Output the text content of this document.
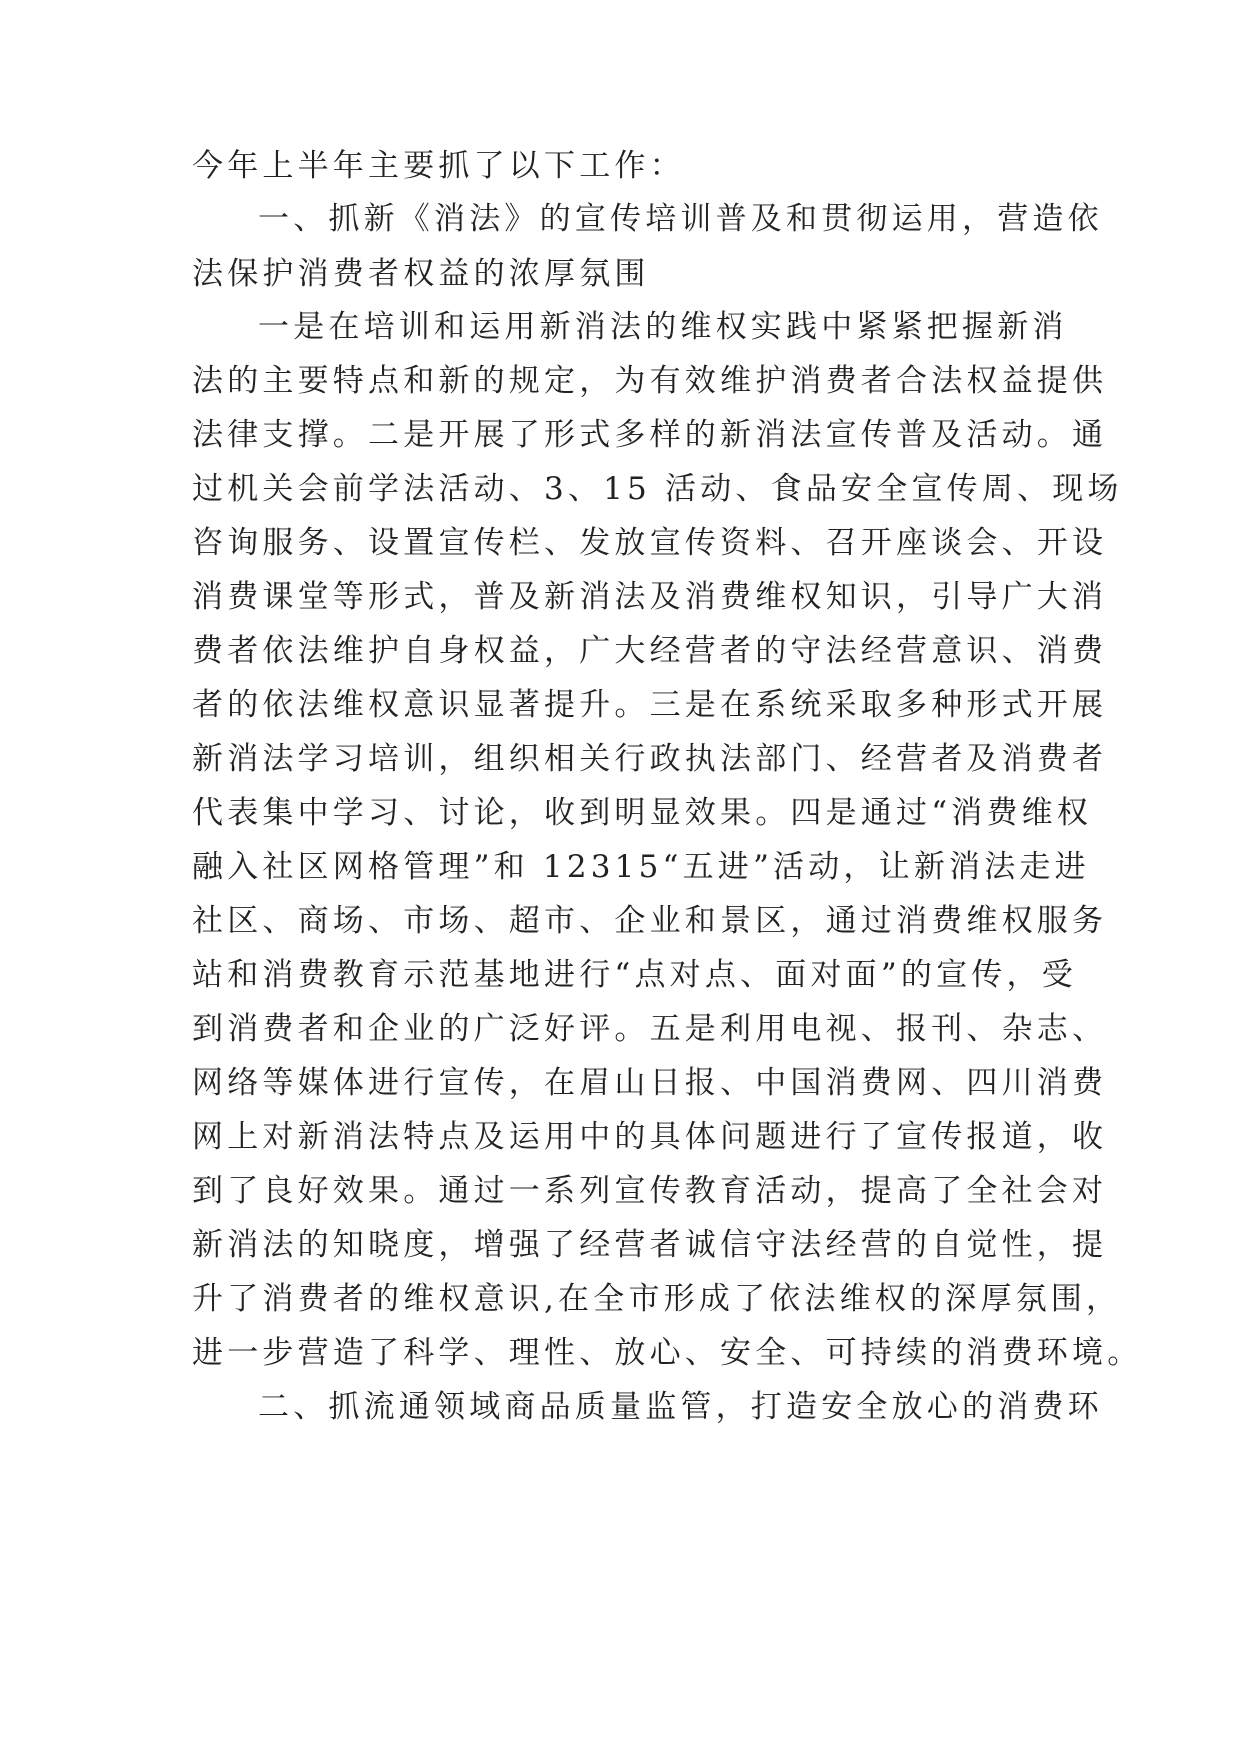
今年上半年主要抓了以下工作：
一、抓新《消法》的宣传培训普及和贯彻运用，营造依
法保护消费者权益的浓厚氛围
一是在培训和运用新消法的维权实践中紧紧把握新消
法的主要特点和新的规定，为有效维护消费者合法权益提供
法律支撑。二是开展了形式多样的新消法宣传普及活动。通
过机关会前学法活动、3、15 活动、食品安全宣传周、现场
咨询服务、设置宣传栏、发放宣传资料、召开座谈会、开设
消费课堂等形式，普及新消法及消费维权知识，引导广大消
费者依法维护自身权益，广大经营者的守法经营意识、消费
者的依法维权意识显著提升。三是在系统采取多种形式开展
新消法学习培训，组织相关行政执法部门、经营者及消费者
代表集中学习、讨论，收到明显效果。四是通过“消费维权
融入社区网格管理”和 12315“五进”活动，让新消法走进
社区、商场、市场、超市、企业和景区，通过消费维权服务
站和消费教育示范基地进行“点对点、面对面”的宣传，受
到消费者和企业的广泛好评。五是利用电视、报刊、杂志、
网络等媒体进行宣传，在眉山日报、中国消费网、四川消费
网上对新消法特点及运用中的具体问题进行了宣传报道，收
到了良好效果。通过一系列宣传教育活动，提高了全社会对
新消法的知晓度，增强了经营者诚信守法经营的自觉性，提
升了消费者的维权意识,在全市形成了依法维权的深厚氛围，
进一步营造了科学、理性、放心、安全、可持续的消费环境。
二、抓流通领域商品质量监管，打造安全放心的消费环
